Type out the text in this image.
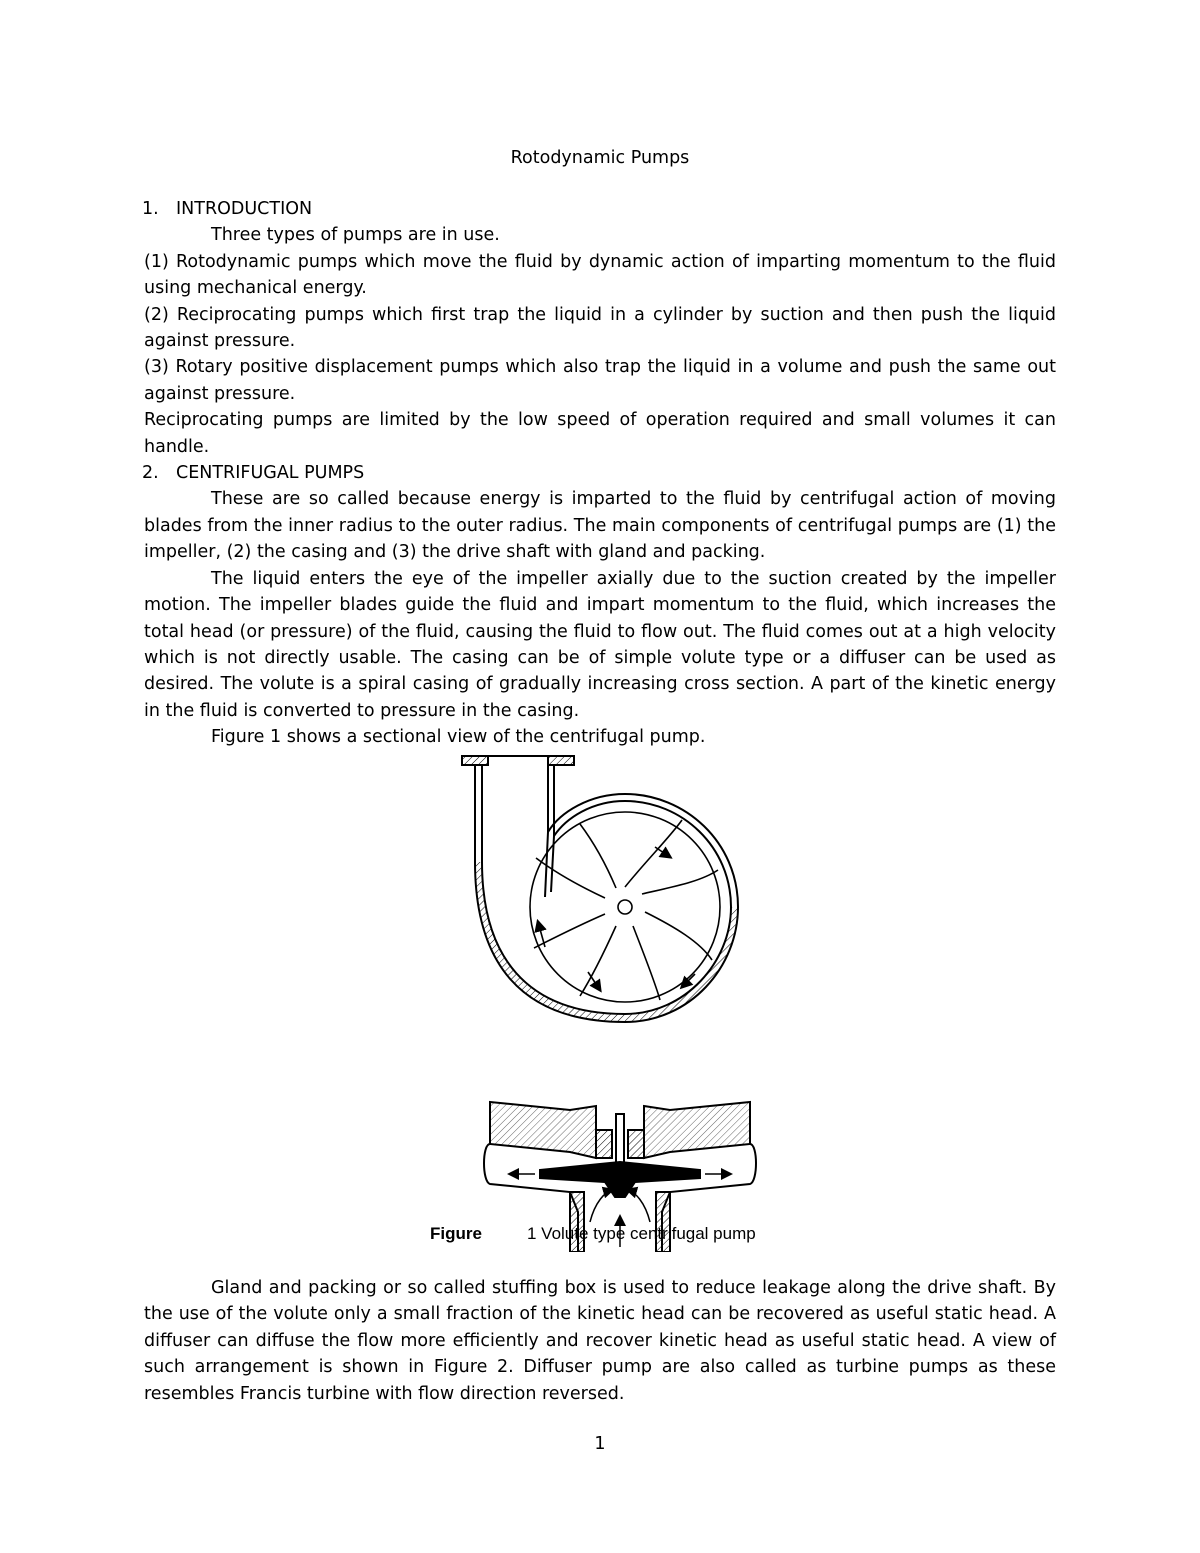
Rotodynamic Pumps

1. INTRODUCTION

Three types of pumps are in use.

(1) Rotodynamic pumps which move the fluid by dynamic action of imparting momentum to the fluid using mechanical energy.

(2) Reciprocating pumps which first trap the liquid in a cylinder by suction and then push the liquid against pressure.

(3) Rotary positive displacement pumps which also trap the liquid in a volume and push the same out against pressure.

Reciprocating pumps are limited by the low speed of operation required and small volumes it can handle.

2. CENTRIFUGAL PUMPS

These are so called because energy is imparted to the fluid by centrifugal action of moving blades from the inner radius to the outer radius. The main components of centrifugal pumps are (1) the impeller, (2) the casing and (3) the drive shaft with gland and packing.

The liquid enters the eye of the impeller axially due to the suction created by the impeller motion. The impeller blades guide the fluid and impart momentum to the fluid, which increases the total head (or pressure) of the fluid, causing the fluid to flow out. The fluid comes out at a high velocity which is not directly usable. The casing can be of simple volute type or a diffuser can be used as desired. The volute is a spiral casing of gradually increasing cross section. A part of the kinetic energy in the fluid is converted to pressure in the casing.

Figure 1 shows a sectional view of the centrifugal pump.

Figure	1 Volute type centrifugal pump

Gland and packing or so called stuffing box is used to reduce leakage along the drive shaft. By the use of the volute only a small fraction of the kinetic head can be recovered as useful static head. A diffuser can diffuse the flow more efficiently and recover kinetic head as useful static head. A view of such arrangement is shown in Figure 2. Diffuser pump are also called as turbine pumps as these resembles Francis turbine with flow direction reversed.

1
